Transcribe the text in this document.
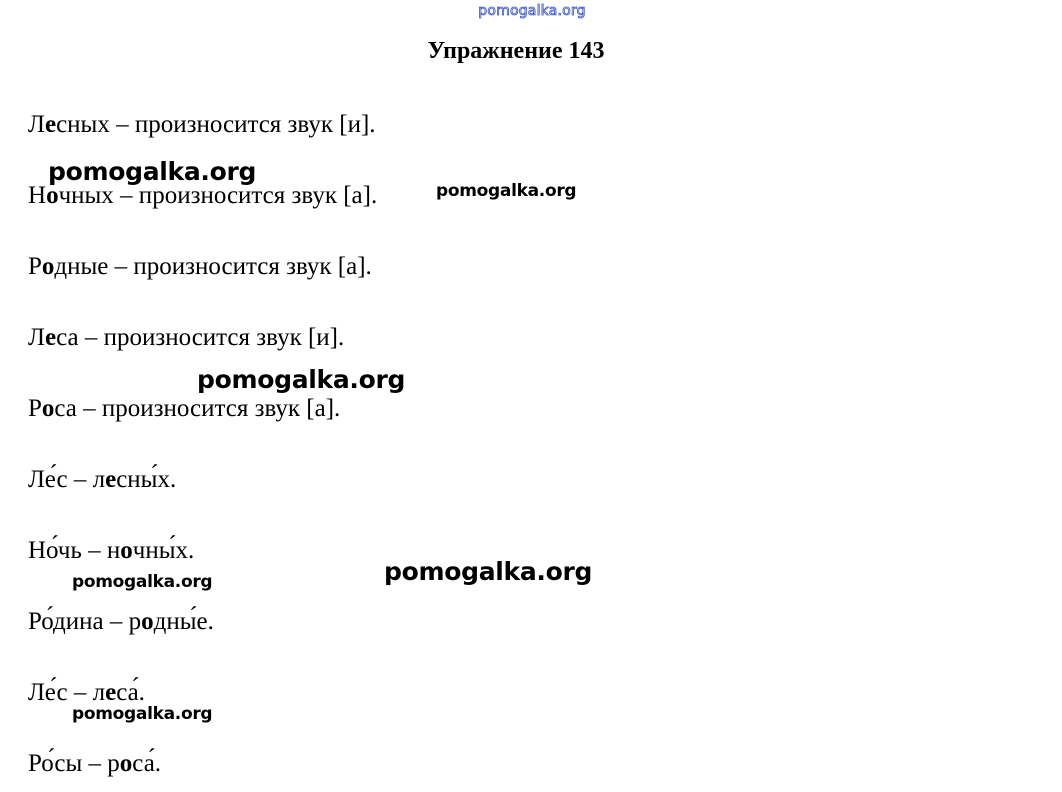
pomogalka.org
Упражнение 143
Лесных – произносится звук [и].
Ночных – произносится звук [а].
Родные – произносится звук [а].
Леса – произносится звук [и].
Роса – произносится звук [а].
Ле́с – лесны́х.
Но́чь – ночны́х.
Ро́дина – родны́е.
Ле́с – леса́.
Ро́сы – роса́.
pomogalka.org
pomogalka.org
pomogalka.org
pomogalka.org
pomogalka.org
pomogalka.org
